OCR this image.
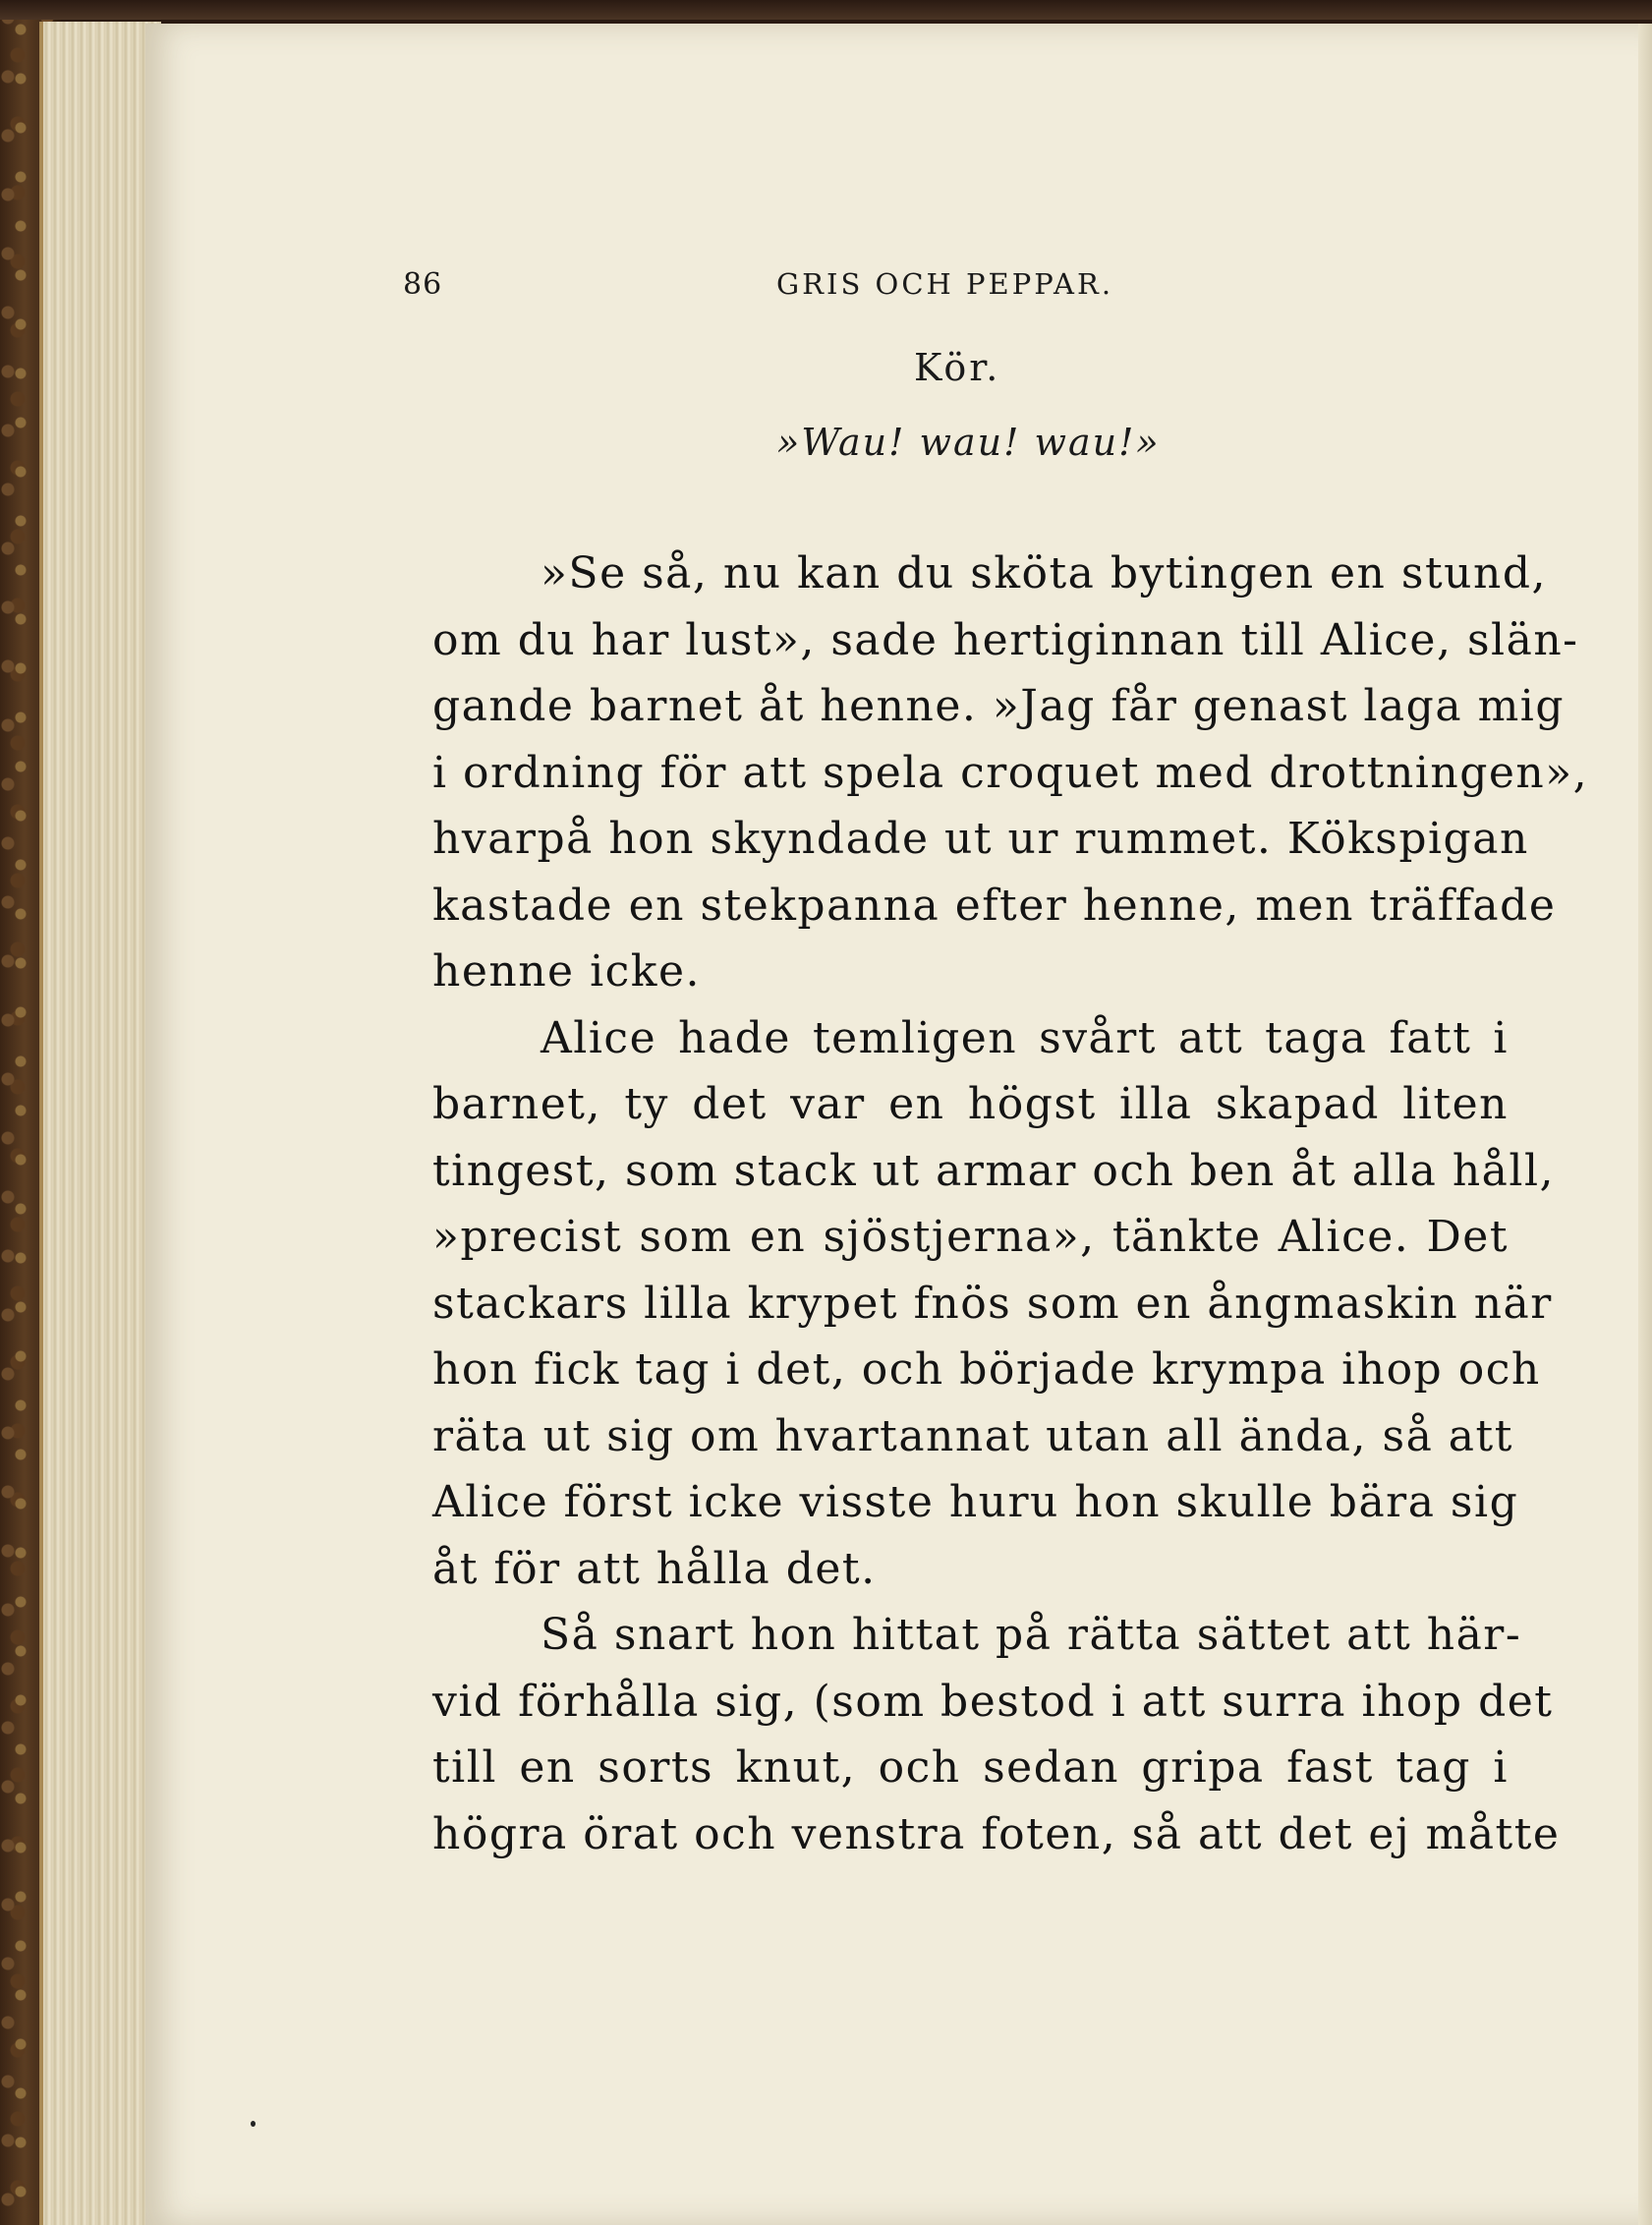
86	GRIS OCH PEPPAR.
Kör.
»Wau! wau! wau!»
»Se så, nu kan du sköta bytingen en stund,
om du har lust», sade hertiginnan till Alice, slän-
gande barnet åt henne. »Jag får genast laga mig
i ordning för att spela croquet med drottningen»,
hvarpå hon skyndade ut ur rummet. Kökspigan
kastade en stekpanna efter henne, men träffade
henne icke.
Alice hade temligen svårt att taga fatt i
barnet, ty det var en högst illa skapad liten
tingest, som stack ut armar och ben åt alla håll,
»precist som en sjöstjerna», tänkte Alice. Det
stackars lilla krypet fnös som en ångmaskin när
hon fick tag i det, och började krympa ihop och
räta ut sig om hvartannat utan all ända, så att
Alice först icke visste huru hon skulle bära sig
åt för att hålla det.
Så snart hon hittat på rätta sättet att här-
vid förhålla sig, (som bestod i att surra ihop det
till en sorts knut, och sedan gripa fast tag i
högra örat och venstra foten, så att det ej måtte
